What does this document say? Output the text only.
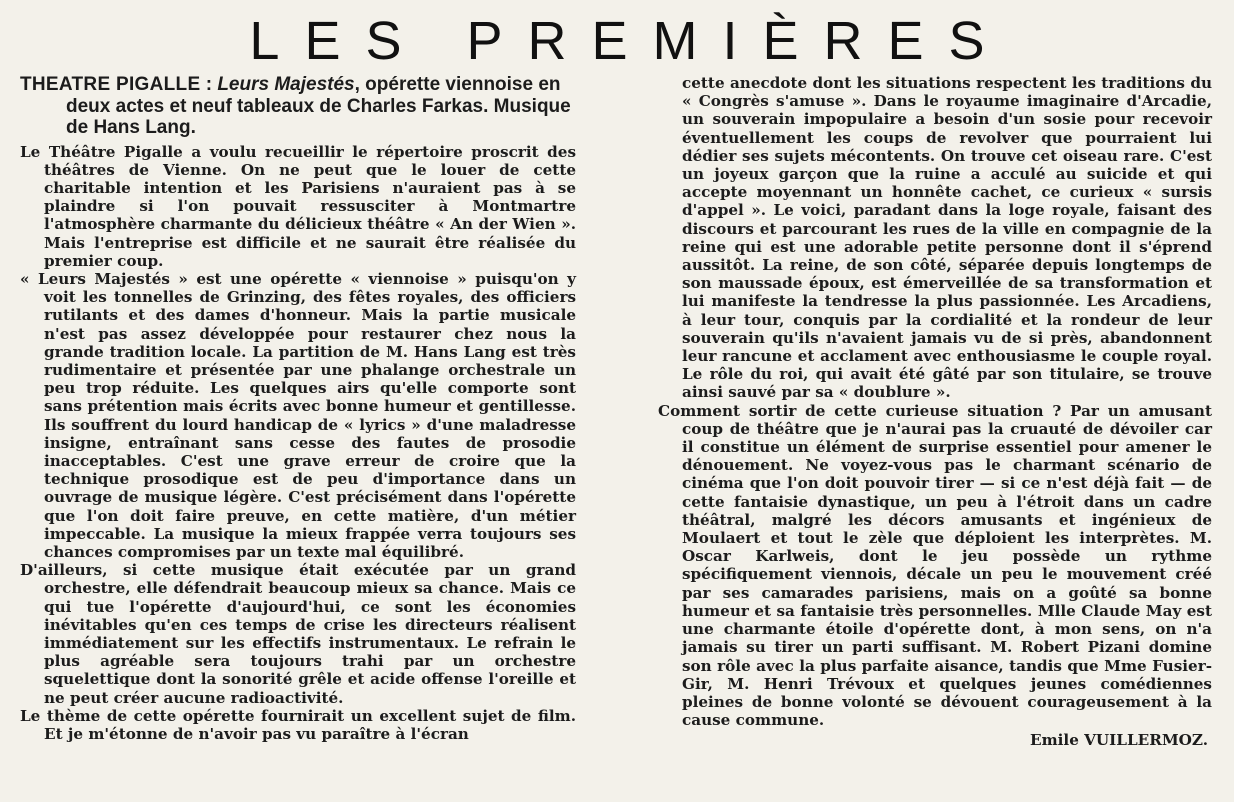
LES PREMIÈRES
THEATRE PIGALLE : Leurs Majestés, opérette viennoise en deux actes et neuf tableaux de Charles Farkas. Musique de Hans Lang.

Le Théâtre Pigalle a voulu recueillir le répertoire proscrit des théâtres de Vienne. On ne peut que le louer de cette charitable intention et les Parisiens n'auraient pas à se plaindre si l'on pouvait ressusciter à Montmartre l'atmosphère charmante du délicieux théâtre « An der Wien ». Mais l'entreprise est difficile et ne saurait être réalisée du premier coup.

« Leurs Majestés » est une opérette « viennoise » puisqu'on y voit les tonnelles de Grinzing, des fêtes royales, des officiers rutilants et des dames d'honneur. Mais la partie musicale n'est pas assez développée pour restaurer chez nous la grande tradition locale. La partition de M. Hans Lang est très rudimentaire et présentée par une phalange orchestrale un peu trop réduite. Les quelques airs qu'elle comporte sont sans prétention mais écrits avec bonne humeur et gentillesse. Ils souffrent du lourd handicap de « lyrics » d'une maladresse insigne, entraînant sans cesse des fautes de prosodie inacceptables. C'est une grave erreur de croire que la technique prosodique est de peu d'importance dans un ouvrage de musique légère. C'est précisément dans l'opérette que l'on doit faire preuve, en cette matière, d'un métier impeccable. La musique la mieux frappée verra toujours ses chances compromises par un texte mal équilibré.

D'ailleurs, si cette musique était exécutée par un grand orchestre, elle défendrait beaucoup mieux sa chance. Mais ce qui tue l'opérette d'aujourd'hui, ce sont les économies inévitables qu'en ces temps de crise les directeurs réalisent immédiatement sur les effectifs instrumentaux. Le refrain le plus agréable sera toujours trahi par un orchestre squelettique dont la sonorité grêle et acide offense l'oreille et ne peut créer aucune radioactivité.

Le thème de cette opérette fournirait un excellent sujet de film. Et je m'étonne de n'avoir pas vu paraître à l'écran

cette anecdote dont les situations respectent les traditions du « Congrès s'amuse ». Dans le royaume imaginaire d'Arcadie, un souverain impopulaire a besoin d'un sosie pour recevoir éventuellement les coups de revolver que pourraient lui dédier ses sujets mécontents. On trouve cet oiseau rare. C'est un joyeux garçon que la ruine a acculé au suicide et qui accepte moyennant un honnête cachet, ce curieux « sursis d'appel ». Le voici, paradant dans la loge royale, faisant des discours et parcourant les rues de la ville en compagnie de la reine qui est une adorable petite personne dont il s'éprend aussitôt. La reine, de son côté, séparée depuis longtemps de son maussade époux, est émerveillée de sa transformation et lui manifeste la tendresse la plus passionnée. Les Arcadiens, à leur tour, conquis par la cordialité et la rondeur de leur souverain qu'ils n'avaient jamais vu de si près, abandonnent leur rancune et acclament avec enthousiasme le couple royal. Le rôle du roi, qui avait été gâté par son titulaire, se trouve ainsi sauvé par sa « doublure ».

Comment sortir de cette curieuse situation ? Par un amusant coup de théâtre que je n'aurai pas la cruauté de dévoiler car il constitue un élément de surprise essentiel pour amener le dénouement. Ne voyez-vous pas le charmant scénario de cinéma que l'on doit pouvoir tirer — si ce n'est déjà fait — de cette fantaisie dynastique, un peu à l'étroit dans un cadre théâtral, malgré les décors amusants et ingénieux de Moulaert et tout le zèle que déploient les interprètes. M. Oscar Karlweis, dont le jeu possède un rythme spécifiquement viennois, décale un peu le mouvement créé par ses camarades parisiens, mais on a goûté sa bonne humeur et sa fantaisie très personnelles. Mlle Claude May est une charmante étoile d'opérette dont, à mon sens, on n'a jamais su tirer un parti suffisant. M. Robert Pizani domine son rôle avec la plus parfaite aisance, tandis que Mme Fusier-Gir, M. Henri Trévoux et quelques jeunes comédiennes pleines de bonne volonté se dévouent courageusement à la cause commune.

Emile VUILLERMOZ.
